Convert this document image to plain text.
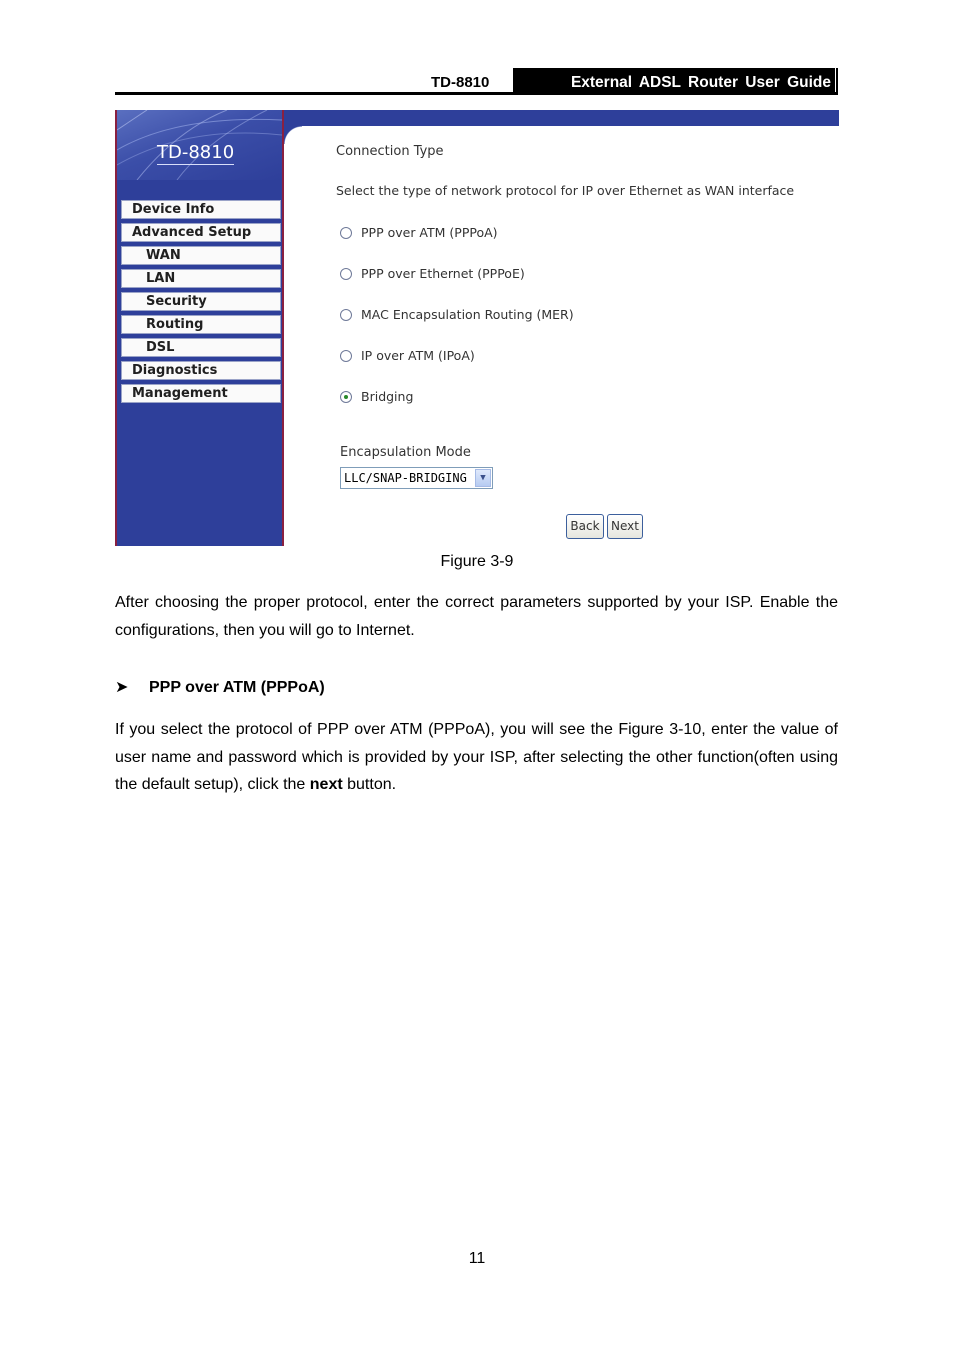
TD-8810	External ADSL Router User Guide
TD-8810
Device Info
Advanced Setup
WAN
LAN
Security
Routing
DSL
Diagnostics
Management
Connection Type
Select the type of network protocol for IP over Ethernet as WAN interface
PPP over ATM (PPPoA)
PPP over Ethernet (PPPoE)
MAC Encapsulation Routing (MER)
IP over ATM (IPoA)
Bridging
Encapsulation Mode
LLC/SNAP-BRIDGING	▼
Back Next
Figure 3-9
After choosing the proper protocol, enter the correct parameters supported by your ISP. Enable the configurations, then you will go to Internet.
➤ PPP over ATM (PPPoA)
If you select the protocol of PPP over ATM (PPPoA), you will see the Figure 3-10, enter the value of user name and password which is provided by your ISP, after selecting the other function(often using the default setup), click the next button.
11
